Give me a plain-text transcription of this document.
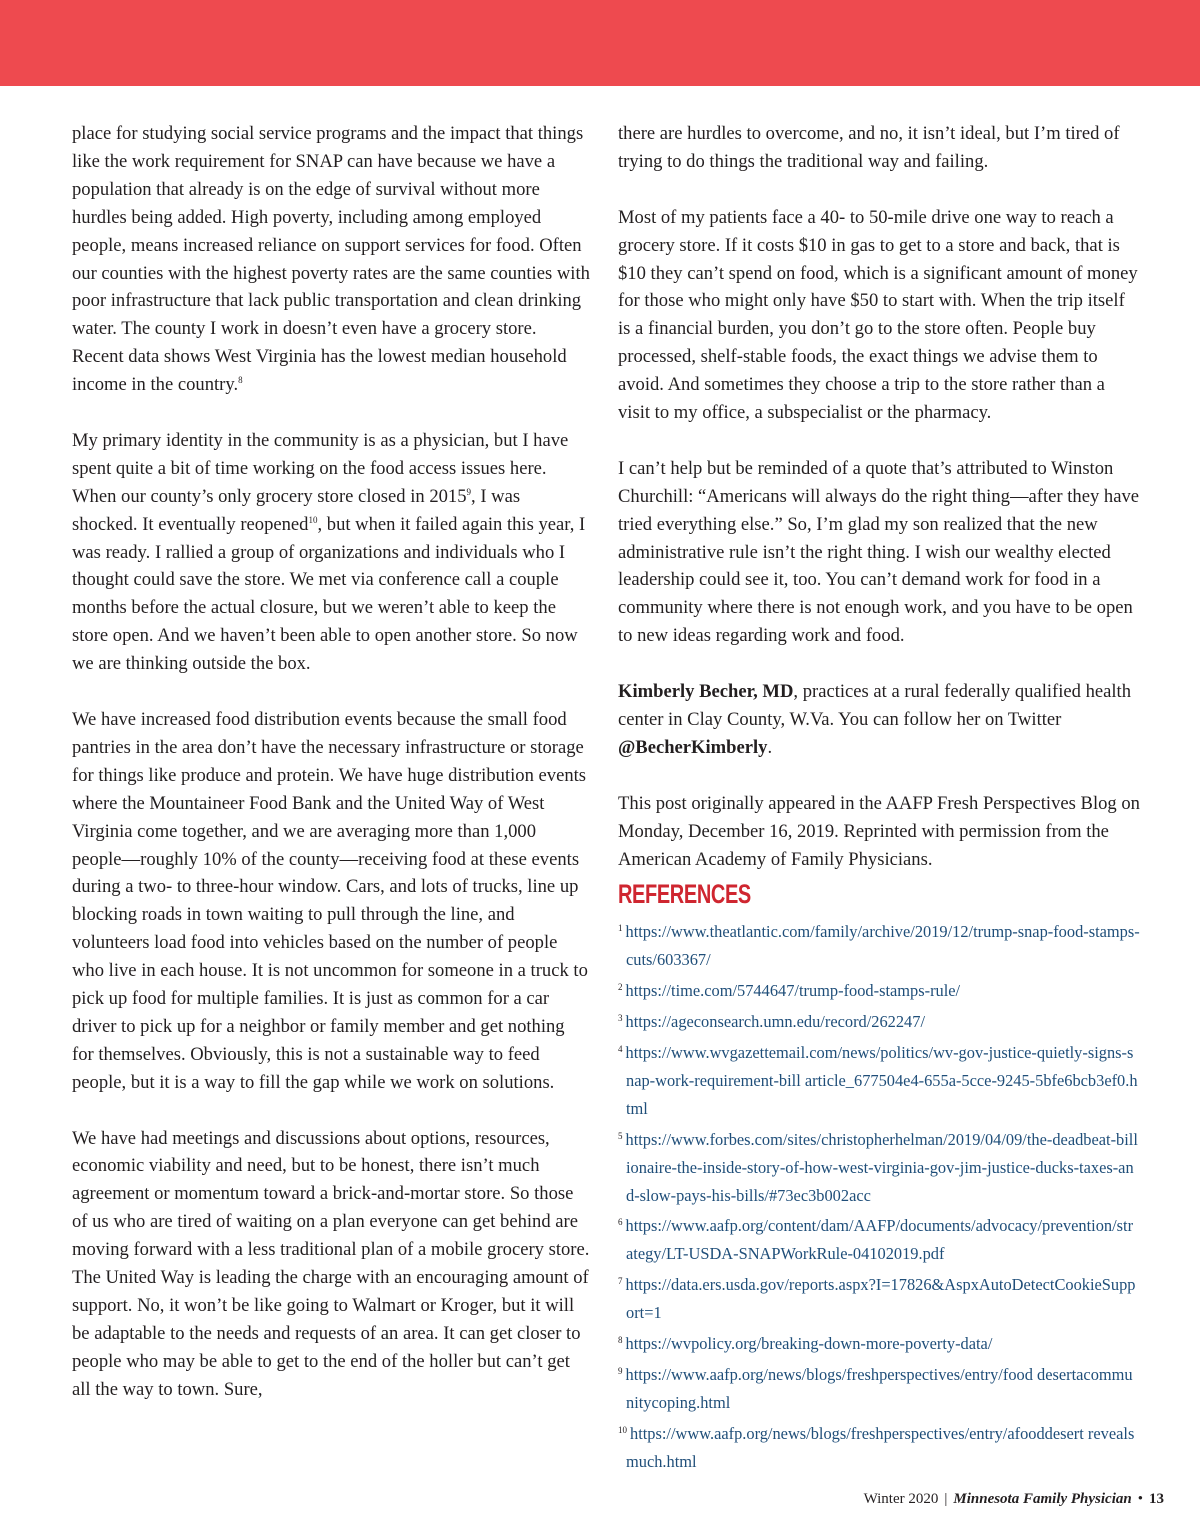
place for studying social service programs and the impact that things like the work requirement for SNAP can have because we have a population that already is on the edge of survival without more hurdles being added. High poverty, including among employed people, means increased reliance on support services for food. Often our counties with the highest poverty rates are the same counties with poor infrastructure that lack public transportation and clean drinking water. The county I work in doesn’t even have a grocery store. Recent data shows West Virginia has the lowest median household income in the country.$^8$

My primary identity in the community is as a physician, but I have spent quite a bit of time working on the food access issues here. When our county’s only grocery store closed in 2015$^9$, I was shocked. It eventually reopened$^{10}$, but when it failed again this year, I was ready. I rallied a group of organizations and individuals who I thought could save the store. We met via conference call a couple months before the actual closure, but we weren’t able to keep the store open. And we haven’t been able to open another store. So now we are thinking outside the box.

We have increased food distribution events because the small food pantries in the area don’t have the necessary infrastructure or storage for things like produce and protein. We have huge distribution events where the Mountaineer Food Bank and the United Way of West Virginia come together, and we are averaging more than 1,000 people—roughly 10% of the county—receiving food at these events during a two- to three-hour window. Cars, and lots of trucks, line up blocking roads in town waiting to pull through the line, and volunteers load food into vehicles based on the number of people who live in each house. It is not uncommon for someone in a truck to pick up food for multiple families. It is just as common for a car driver to pick up for a neighbor or family member and get nothing for themselves. Obviously, this is not a sustainable way to feed people, but it is a way to fill the gap while we work on solutions.

We have had meetings and discussions about options, resources, economic viability and need, but to be honest, there isn’t much agreement or momentum toward a brick-and-mortar store. So those of us who are tired of waiting on a plan everyone can get behind are moving forward with a less traditional plan of a mobile grocery store. The United Way is leading the charge with an encouraging amount of support. No, it won’t be like going to Walmart or Kroger, but it will be adaptable to the needs and requests of an area. It can get closer to people who may be able to get to the end of the holler but can’t get all the way to town. Sure,

there are hurdles to overcome, and no, it isn’t ideal, but I’m tired of trying to do things the traditional way and failing.

Most of my patients face a 40- to 50-mile drive one way to reach a grocery store. If it costs $10 in gas to get to a store and back, that is $10 they can’t spend on food, which is a significant amount of money for those who might only have $50 to start with. When the trip itself is a financial burden, you don’t go to the store often. People buy processed, shelf-stable foods, the exact things we advise them to avoid. And sometimes they choose a trip to the store rather than a visit to my office, a subspecialist or the pharmacy.

I can’t help but be reminded of a quote that’s attributed to Winston Churchill: “Americans will always do the right thing—after they have tried everything else.” So, I’m glad my son realized that the new administrative rule isn’t the right thing. I wish our wealthy elected leadership could see it, too. You can’t demand work for food in a community where there is not enough work, and you have to be open to new ideas regarding work and food.

Kimberly Becher, MD, practices at a rural federally qualified health center in Clay County, W.Va. You can follow her on Twitter @BecherKimberly.

This post originally appeared in the AAFP Fresh Perspectives Blog on Monday, December 16, 2019. Reprinted with permission from the American Academy of Family Physicians.

REFERENCES
$^1$ https://www.theatlantic.com/family/archive/2019/12/trump-snap-food-stamps-cuts/603367/
$^2$ https://time.com/5744647/trump-food-stamps-rule/
$^3$ https://ageconsearch.umn.edu/record/262247/
$^4$ https://www.wvgazettemail.com/news/politics/wv-gov-justice-quietly-signs-snap-work-requirement-bill article_677504e4-655a-5cce-9245-5bfe6bcb3ef0.html
$^5$ https://www.forbes.com/sites/christopherhelman/2019/04/09/the-deadbeat-billionaire-the-inside-story-of-how-west-virginia-gov-jim-justice-ducks-taxes-and-slow-pays-his-bills/#73ec3b002acc
$^6$ https://www.aafp.org/content/dam/AAFP/documents/advocacy/prevention/strategy/LT-USDA-SNAPWorkRule-04102019.pdf
$^7$ https://data.ers.usda.gov/reports.aspx?I=17826&AspxAutoDetectCookieSupport=1
$^8$ https://wvpolicy.org/breaking-down-more-poverty-data/
$^9$ https://www.aafp.org/news/blogs/freshperspectives/entry/food desertacommunitycoping.html
$^{10}$ https://www.aafp.org/news/blogs/freshperspectives/entry/afooddesert revealsmuch.html
Winter 2020 | Minnesota Family Physician • 13
